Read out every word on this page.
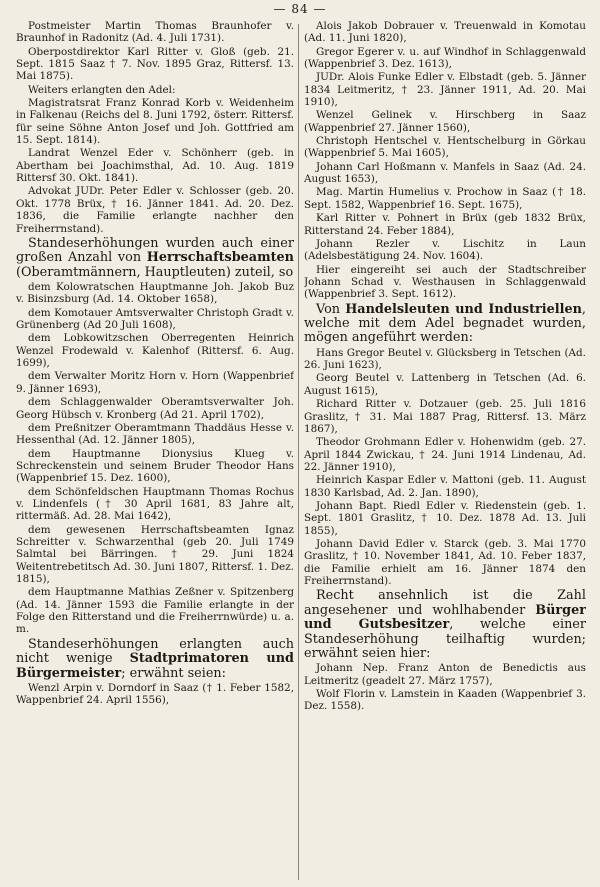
— 84 —

Postmeister Martin Thomas Braunhofer v. Braunhof in Radonitz (Ad. 4. Juli 1731).

Oberpostdirektor Karl Ritter v. Gloß (geb. 21. Sept. 1815 Saaz † 7. Nov. 1895 Graz, Rittersf. 13. Mai 1875).

Weiters erlangten den Adel:

Magistratsrat Franz Konrad Korb v. Weidenheim in Falkenau (Reichs del 8. Juni 1792, österr. Rittersf. für seine Söhne Anton Josef und Joh. Gottfried am 15. Sept. 1814).

Landrat Wenzel Eder v. Schönherr (geb. in Abertham bei Joachimsthal, Ad. 10. Aug. 1819 Rittersf 30. Okt. 1841).

Advokat JUDr. Peter Edler v. Schlosser (geb. 20. Okt. 1778 Brüx, † 16. Jänner 1841. Ad. 20. Dez. 1836, die Familie erlangte nachher den Freiherrnstand).

Standeserhöhungen wurden auch einer großen Anzahl von Herrschaftsbeamten (Oberamtmännern, Hauptleuten) zuteil, so

dem Kolowratschen Hauptmanne Joh. Jakob Buz v. Bisinzsburg (Ad. 14. Oktober 1658),

dem Komotauer Amtsverwalter Christoph Gradt v. Grünenberg (Ad 20 Juli 1608),

dem Lobkowitzschen Oberregenten Heinrich Wenzel Frodewald v. Kalenhof (Rittersf. 6. Aug. 1699),

dem Verwalter Moritz Horn v. Horn (Wappenbrief 9. Jänner 1693),

dem Schlaggenwalder Oberamtsverwalter Joh. Georg Hübsch v. Kronberg (Ad 21. April 1702),

dem Preßnitzer Oberamtmann Thaddäus Hesse v. Hessenthal (Ad. 12. Jänner 1805),

dem Hauptmanne Dionysius Klueg v. Schreckenstein und seinem Bruder Theodor Hans (Wappenbrief 15. Dez. 1600),

dem Schönfeldschen Hauptmann Thomas Rochus v. Lindenfels († 30 April 1681, 83 Jahre alt, rittermäß. Ad. 28. Mai 1642),

dem gewesenen Herrschaftsbeamten Ignaz Schreitter v. Schwarzenthal (geb 20. Juli 1749 Salmtal bei Bärringen. † 29. Juni 1824 Weitentrebetitsch Ad. 30. Juni 1807, Rittersf. 1. Dez. 1815),

dem Hauptmanne Mathias Zeßner v. Spitzenberg (Ad. 14. Jänner 1593 die Familie erlangte in der Folge den Ritterstand und die Freiherrnwürde) u. a. m.

Standeserhöhungen erlangten auch nicht wenige Stadtprimatoren und Bürgermeister; erwähnt seien:

Wenzl Arpin v. Dorndorf in Saaz († 1. Feber 1582, Wappenbrief 24. April 1556),

Alois Jakob Dobrauer v. Treuenwald in Komotau (Ad. 11. Juni 1820),

Gregor Egerer v. u. auf Windhof in Schlaggenwald (Wappenbrief 3. Dez. 1613),

JUDr. Alois Funke Edler v. Elbstadt (geb. 5. Jänner 1834 Leitmeritz, † 23. Jänner 1911, Ad. 20. Mai 1910),

Wenzel Gelinek v. Hirschberg in Saaz (Wappenbrief 27. Jänner 1560),

Christoph Hentschel v. Hentschelburg in Görkau (Wappenbrief 5. Mai 1605),

Johann Carl Hoßmann v. Manfels in Saaz (Ad. 24. August 1653),

Mag. Martin Humelius v. Prochow in Saaz († 18. Sept. 1582, Wappenbrief 16. Sept. 1675),

Karl Ritter v. Pohnert in Brüx (geb 1832 Brüx, Ritterstand 24. Feber 1884),

Johann Rezler v. Lischitz in Laun (Adelsbestätigung 24. Nov. 1604).

Hier eingereiht sei auch der Stadtschreiber Johann Schad v. Westhausen in Schlaggenwald (Wappenbrief 3. Sept. 1612).

Von Handelsleuten und Industriellen, welche mit dem Adel begnadet wurden, mögen angeführt werden:

Hans Gregor Beutel v. Glücksberg in Tetschen (Ad. 26. Juni 1623),

Georg Beutel v. Lattenberg in Tetschen (Ad. 6. August 1615),

Richard Ritter v. Dotzauer (geb. 25. Juli 1816 Graslitz, † 31. Mai 1887 Prag, Rittersf. 13. März 1867),

Theodor Grohmann Edler v. Hohenwidm (geb. 27. April 1844 Zwickau, † 24. Juni 1914 Lindenau, Ad. 22. Jänner 1910),

Heinrich Kaspar Edler v. Mattoni (geb. 11. August 1830 Karlsbad, Ad. 2. Jan. 1890),

Johann Bapt. Riedl Edler v. Riedenstein (geb. 1. Sept. 1801 Graslitz, † 10. Dez. 1878 Ad. 13. Juli 1855),

Johann David Edler v. Starck (geb. 3. Mai 1770 Graslitz, † 10. November 1841, Ad. 10. Feber 1837, die Familie erhielt am 16. Jänner 1874 den Freiherrnstand).

Recht ansehnlich ist die Zahl angesehener und wohlhabender Bürger und Gutsbesitzer, welche einer Standeserhöhung teilhaftig wurden; erwähnt seien hier:

Johann Nep. Franz Anton de Benedictis aus Leitmeritz (geadelt 27. März 1757),

Wolf Florin v. Lamstein in Kaaden (Wappenbrief 3. Dez. 1558).
